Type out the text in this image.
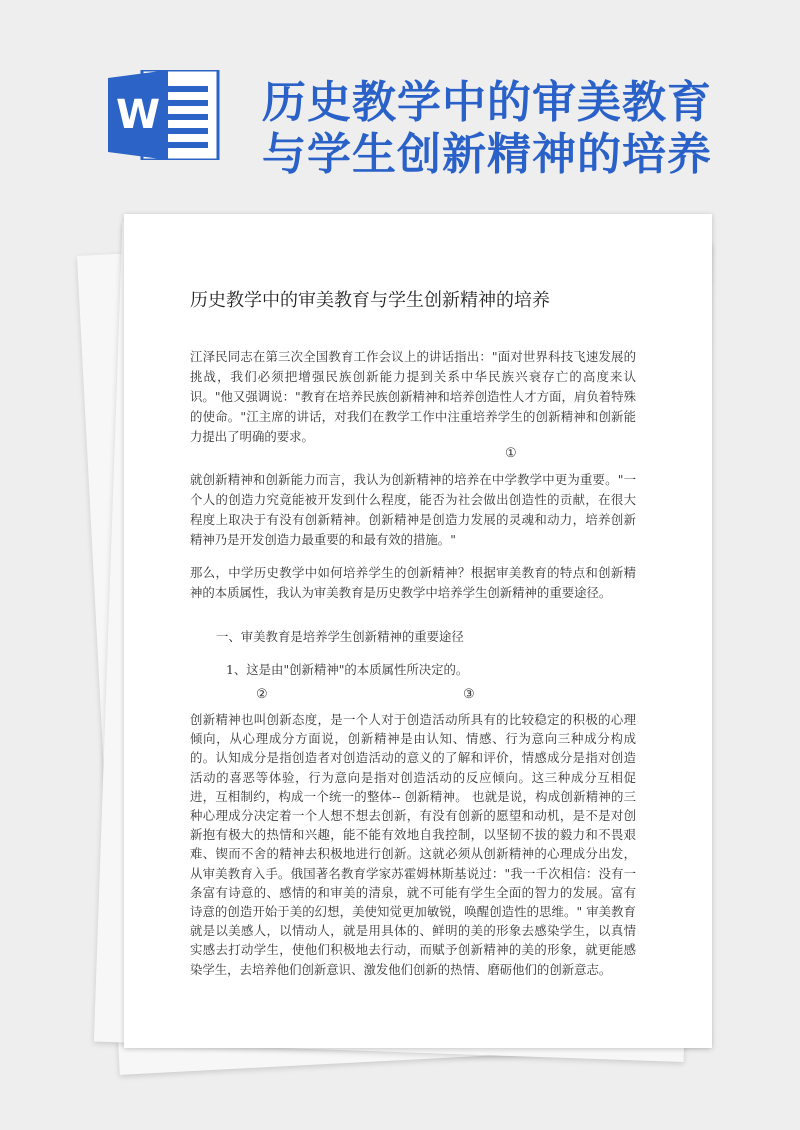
W 历史教学中的审美教育
与学生创新精神的培养
历史教学中的审美教育与学生创新精神的培养

江泽民同志在第三次全国教育工作会议上的讲话指出："面对世界科技飞速发展的挑战，我们必须把增强民族创新能力提到关系中华民族兴衰存亡的高度来认识。"他又强调说："教育在培养民族创新精神和培养创造性人才方面，肩负着特殊的使命。"江主席的讲话，对我们在教学工作中注重培养学生的创新精神和创新能力提出了明确的要求。

①

就创新精神和创新能力而言，我认为创新精神的培养在中学教学中更为重要。"一个人的创造力究竟能被开发到什么程度，能否为社会做出创造性的贡献，在很大程度上取决于有没有创新精神。创新精神是创造力发展的灵魂和动力，培养创新精神乃是开发创造力最重要的和最有效的措施。"

那么，中学历史教学中如何培养学生的创新精神？根据审美教育的特点和创新精神的本质属性，我认为审美教育是历史教学中培养学生创新精神的重要途径。

一、审美教育是培养学生创新精神的重要途径
1、这是由"创新精神"的本质属性所决定的。
②	③

创新精神也叫创新态度，是一个人对于创造活动所具有的比较稳定的积极的心理倾向，从心理成分方面说，创新精神是由认知、情感、行为意向三种成分构成的。认知成分是指创造者对创造活动的意义的了解和评价，情感成分是指对创造活动的喜恶等体验，行为意向是指对创造活动的反应倾向。这三种成分互相促进，互相制约，构成一个统一的整体-- 创新精神。 也就是说，构成创新精神的三种心理成分决定着一个人想不想去创新，有没有创新的愿望和动机，是不是对创新抱有极大的热情和兴趣，能不能有效地自我控制，以坚韧不拔的毅力和不畏艰难、锲而不舍的精神去积极地进行创新。这就必须从创新精神的心理成分出发，从审美教育入手。俄国著名教育学家苏霍姆林斯基说过："我一千次相信：没有一条富有诗意的、感情的和审美的清泉，就不可能有学生全面的智力的发展。富有诗意的创造开始于美的幻想，美使知觉更加敏锐，唤醒创造性的思维。" 审美教育就是以美感人，以情动人，就是用具体的、鲜明的美的形象去感染学生，以真情实感去打动学生，使他们积极地去行动，而赋予创新精神的美的形象，就更能感染学生，去培养他们创新意识、激发他们创新的热情、磨砺他们的创新意志。
